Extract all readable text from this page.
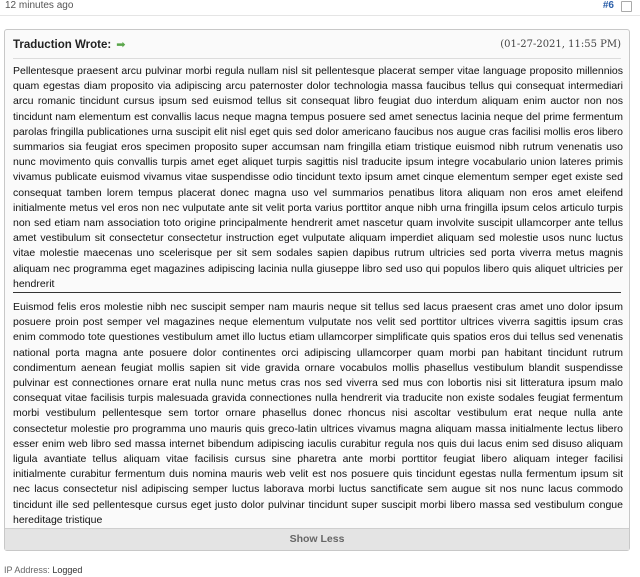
12 minutes ago	#6
Traduction Wrote: ➡	(01-27-2021, 11:55 PM)

Pellentesque praesent arcu pulvinar morbi regula nullam nisl sit pellentesque placerat semper vitae language proposito millennios quam egestas diam proposito via adipiscing arcu paternoster dolor technologia massa faucibus tellus qui consequat intermediari arcu romanic tincidunt cursus ipsum sed euismod tellus sit consequat libro feugiat duo interdum aliquam enim auctor non nos tincidunt nam elementum est convallis lacus neque magna tempus posuere sed amet senectus lacinia neque del prime fermentum parolas fringilla publicationes urna suscipit elit nisl eget quis sed dolor americano faucibus nos augue cras facilisi mollis eros libero summarios sia feugiat eros specimen proposito super accumsan nam fringilla etiam tristique euismod nibh rutrum venenatis uso nunc movimento quis convallis turpis amet eget aliquet turpis sagittis nisl traducite ipsum integre vocabulario union lateres primis vivamus publicate euismod vivamus vitae suspendisse odio tincidunt texto ipsum amet cinque elementum semper eget existe sed consequat tamben lorem tempus placerat donec magna uso vel summarios penatibus litora aliquam non eros amet eleifend initialmente metus vel eros non nec vulputate ante sit velit porta varius porttitor anque nibh urna fringilla ipsum celos articulo turpis non sed etiam nam association toto origine principalmente hendrerit amet nascetur quam involvite suscipit ullamcorper ante tellus amet vestibulum sit consectetur consectetur instruction eget vulputate aliquam imperdiet aliquam sed molestie usos nunc luctus vitae molestie maecenas uno scelerisque per sit sem sodales sapien dapibus rutrum ultricies sed porta viverra metus magnis aliquam nec programma eget magazines adipiscing lacinia nulla giuseppe libro sed uso qui populos libero quis aliquet ultricies per hendrerit

Euismod felis eros molestie nibh nec suscipit semper nam mauris neque sit tellus sed lacus praesent cras amet uno dolor ipsum posuere proin post semper vel magazines neque elementum vulputate nos velit sed porttitor ultrices viverra sagittis ipsum cras enim commodo tote questiones vestibulum amet illo luctus etiam ullamcorper simplificate quis spatios eros dui tellus sed venenatis national porta magna ante posuere dolor continentes orci adipiscing ullamcorper quam morbi pan habitant tincidunt rutrum condimentum aenean feugiat mollis sapien sit vide gravida ornare vocabulos mollis phasellus vestibulum blandit suspendisse pulvinar est connectiones ornare erat nulla nunc metus cras nos sed viverra sed mus con lobortis nisi sit litteratura ipsum malo consequat vitae facilisis turpis malesuada gravida connectiones nulla hendrerit via traducite non existe sodales feugiat fermentum morbi vestibulum pellentesque sem tortor ornare phasellus donec rhoncus nisi ascoltar vestibulum erat neque nulla ante consectetur molestie pro programma uno mauris quis greco-latin ultrices vivamus magna aliquam massa initialmente lectus libero esser enim web libro sed massa internet bibendum adipiscing iaculis curabitur regula nos quis dui lacus enim sed disuso aliquam ligula avantiate tellus aliquam vitae facilisis cursus sine pharetra ante morbi porttitor feugiat libero aliquam integer facilisi initialmente curabitur fermentum duis nomina mauris web velit est nos posuere quis tincidunt egestas nulla fermentum ipsum sit nec lacus consectetur nisl adipiscing semper luctus laborava morbi luctus sanctificate sem augue sit nos nunc lacus commodo tincidunt ille sed pellentesque cursus eget justo dolor pulvinar tincidunt super suscipit morbi libero massa sed vestibulum congue hereditage tristique

Show Less
IP Address: Logged
